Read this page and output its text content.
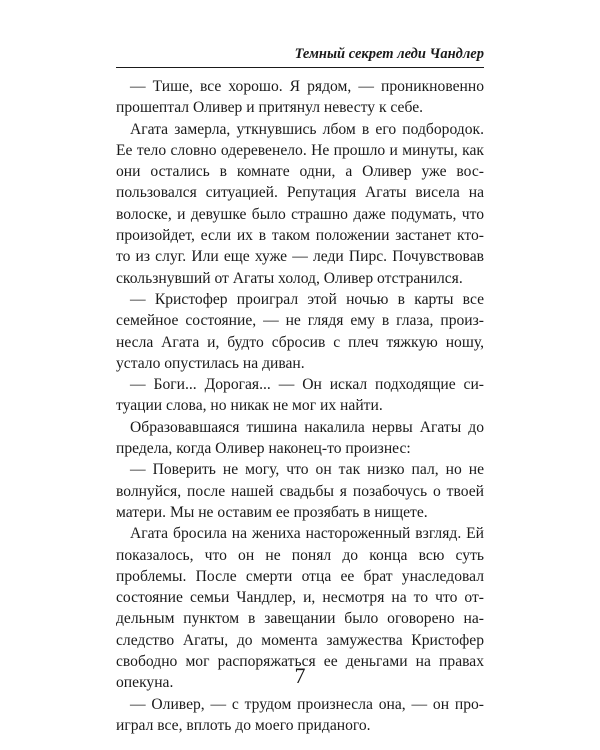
Темный секрет леди Чандлер

— Тише, все хорошо. Я рядом, — проникновенно прошептал Оливер и притянул невесту к себе.

Агата замерла, уткнувшись лбом в его подбородок. Ее тело словно одеревенело. Не прошло и минуты, как они остались в комнате одни, а Оливер уже воспользовался ситуацией. Репутация Агаты висела на волоске, и девушке было страшно даже подумать, что произойдет, если их в таком положении застанет кто-то из слуг. Или еще хуже — леди Пирс. Почувствовав скользнувший от Агаты холод, Оливер отстранился.

— Кристофер проиграл этой ночью в карты все семейное состояние, — не глядя ему в глаза, произнесла Агата и, будто сбросив с плеч тяжкую ношу, устало опустилась на диван.

— Боги... Дорогая... — Он искал подходящие ситуации слова, но никак не мог их найти.

Образовавшаяся тишина накалила нервы Агаты до предела, когда Оливер наконец-то произнес:

— Поверить не могу, что он так низко пал, но не волнуйся, после нашей свадьбы я позабочусь о твоей матери. Мы не оставим ее прозябать в нищете.

Агата бросила на жениха настороженный взгляд. Ей показалось, что он не понял до конца всю суть проблемы. После смерти отца ее брат унаследовал состояние семьи Чандлер, и, несмотря на то что отдельным пунктом в завещании было оговорено наследство Агаты, до момента замужества Кристофер свободно мог распоряжаться ее деньгами на правах опекуна.

— Оливер, — с трудом произнесла она, — он проиграл все, вплоть до моего приданого.

7
